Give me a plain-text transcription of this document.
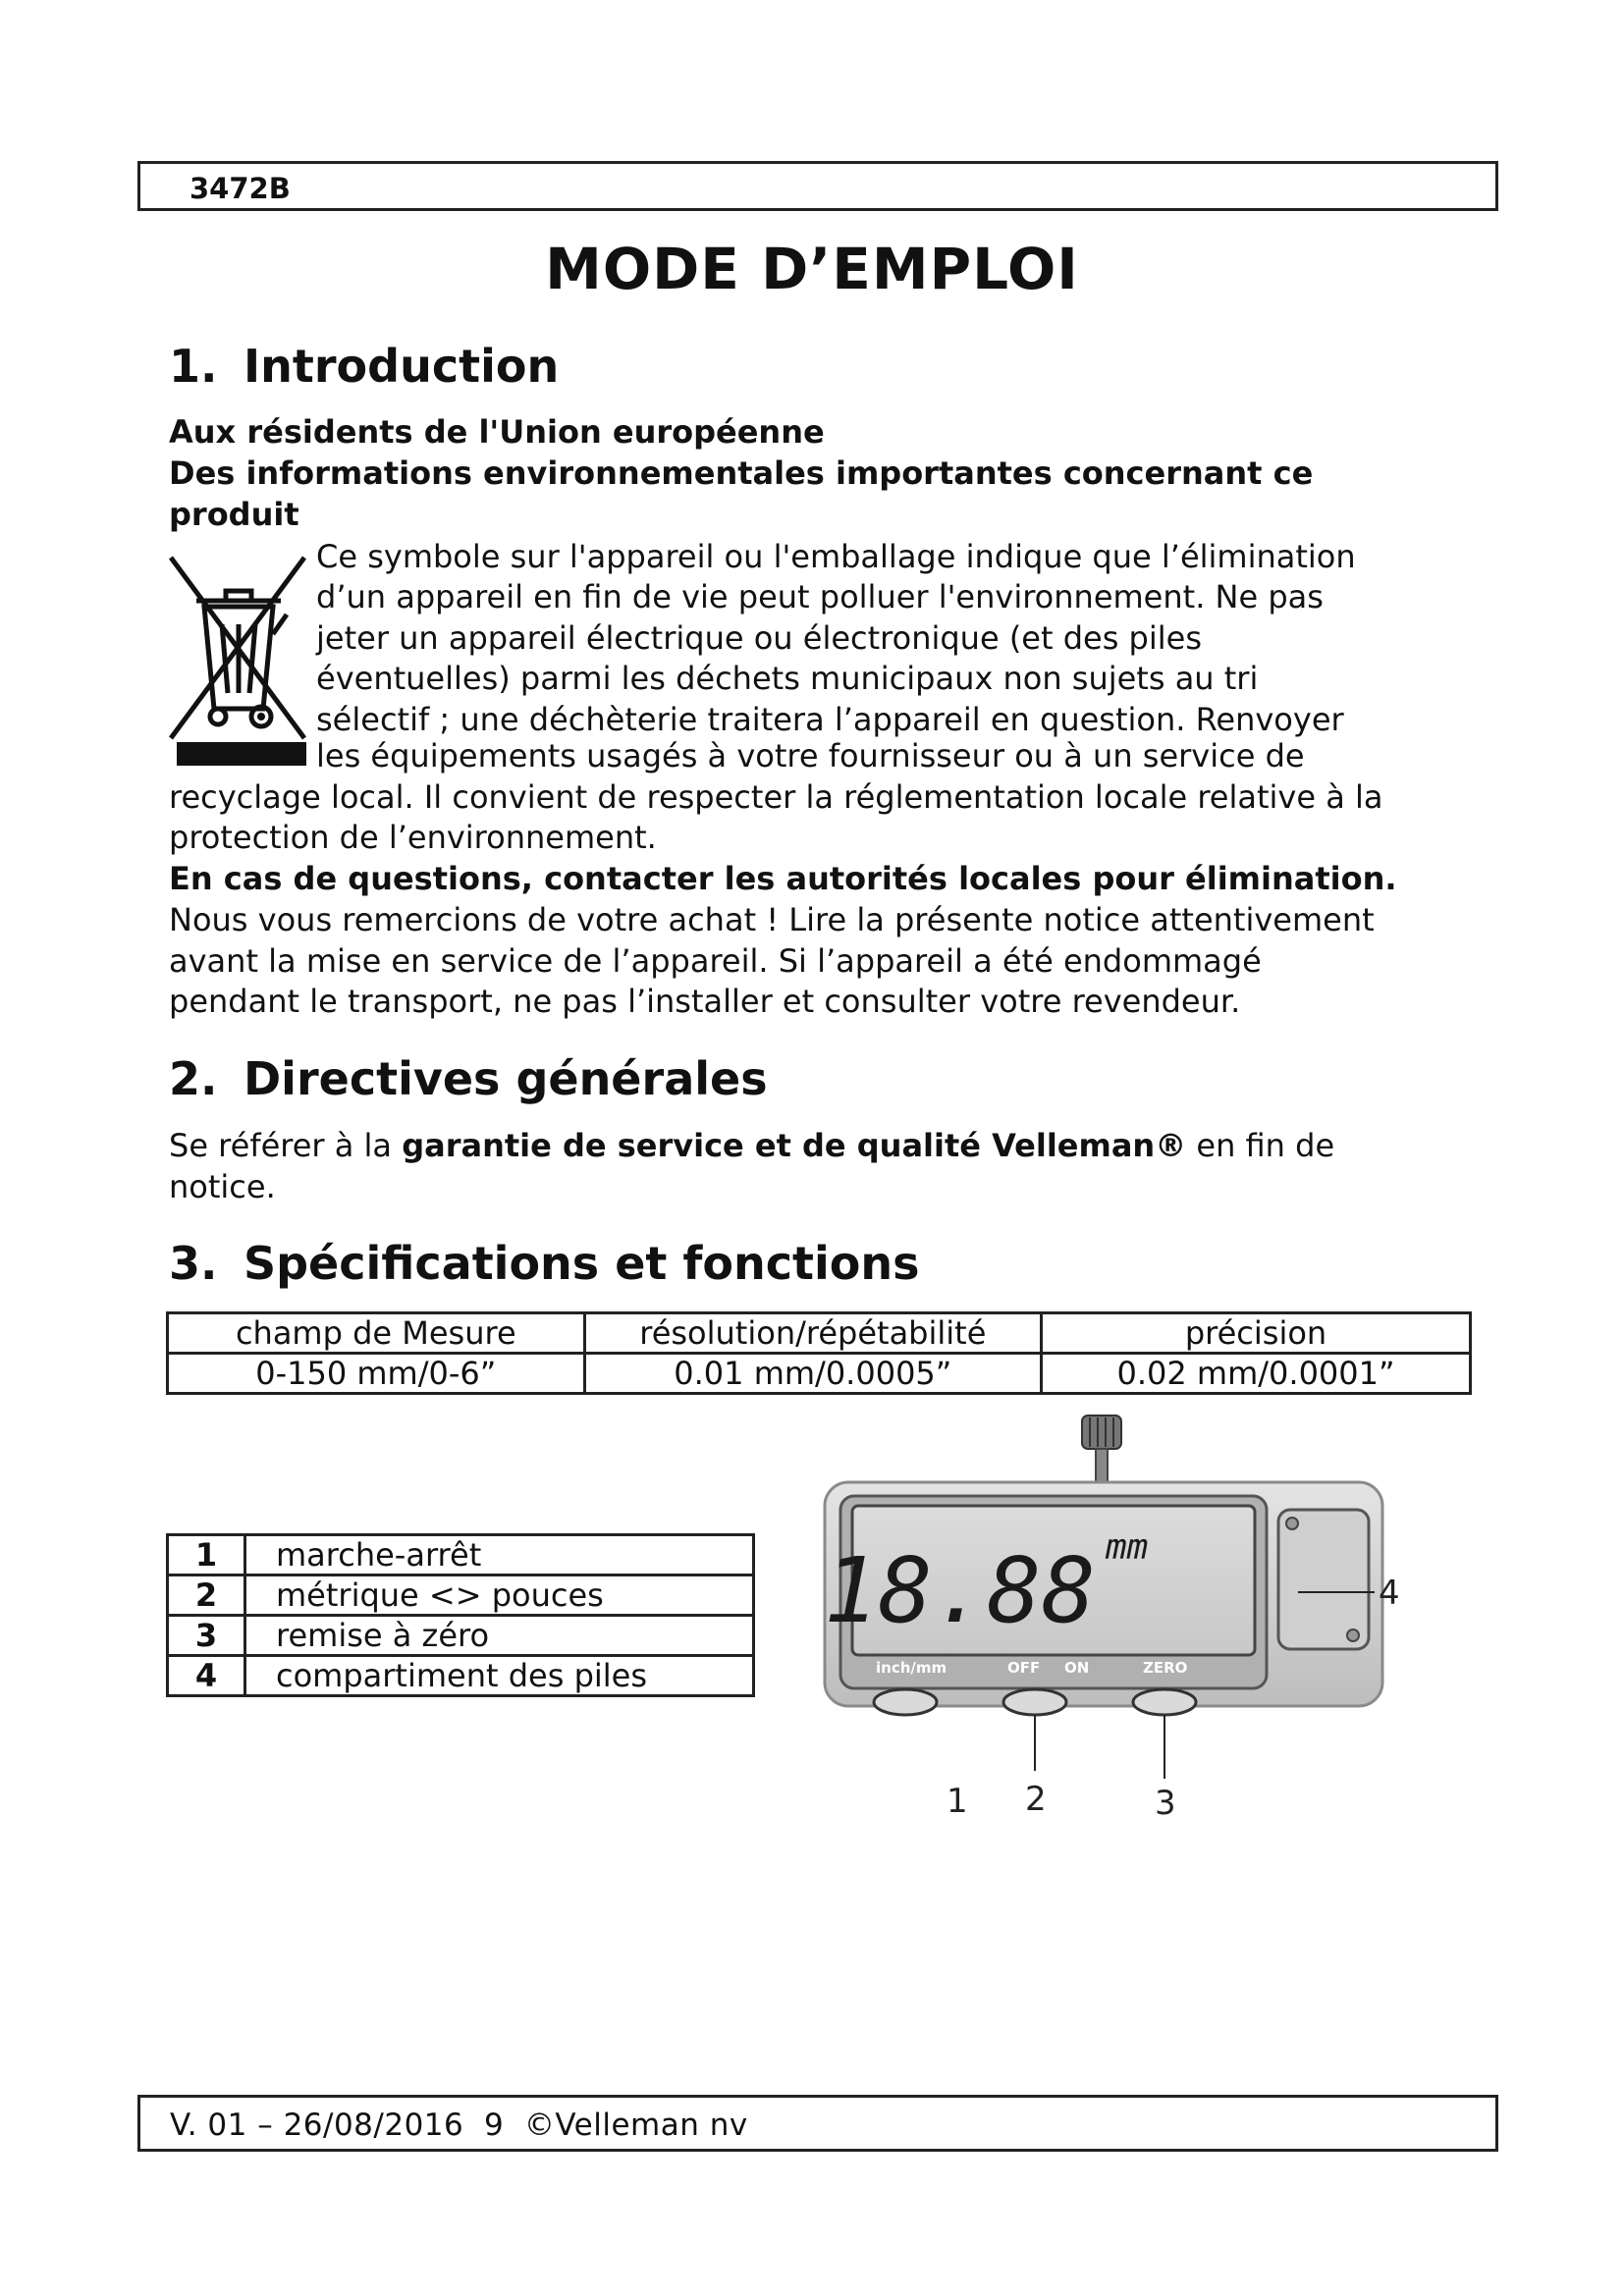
3472B
MODE D’EMPLOI
1. Introduction
Aux résidents de l'Union européenne
Des informations environnementales importantes concernant ce
produit
Ce symbole sur l'appareil ou l'emballage indique que l’élimination
d’un appareil en fin de vie peut polluer l'environnement. Ne pas
jeter un appareil électrique ou électronique (et des piles
éventuelles) parmi les déchets municipaux non sujets au tri
sélectif ; une déchèterie traitera l’appareil en question. Renvoyer
les équipements usagés à votre fournisseur ou à un service de
recyclage local. Il convient de respecter la réglementation locale relative à la
protection de l’environnement.
En cas de questions, contacter les autorités locales pour élimination.
Nous vous remercions de votre achat ! Lire la présente notice attentivement
avant la mise en service de l’appareil. Si l’appareil a été endommagé
pendant le transport, ne pas l’installer et consulter votre revendeur.
2. Directives générales
Se référer à la garantie de service et de qualité Velleman® en fin de
notice.
3. Spécifications et fonctions
champ de Mesure	résolution/répétabilité	précision
0-150 mm/0-6”	0.01 mm/0.0005”	0.02 mm/0.0001”
1	marche-arrêt
2	métrique <> pouces
3	remise à zéro
4	compartiment des piles
18.88 mm
inch/mm	OFF ON	ZERO
1 2	3
4
V. 01 – 26/08/2016  9  ©Velleman nv
